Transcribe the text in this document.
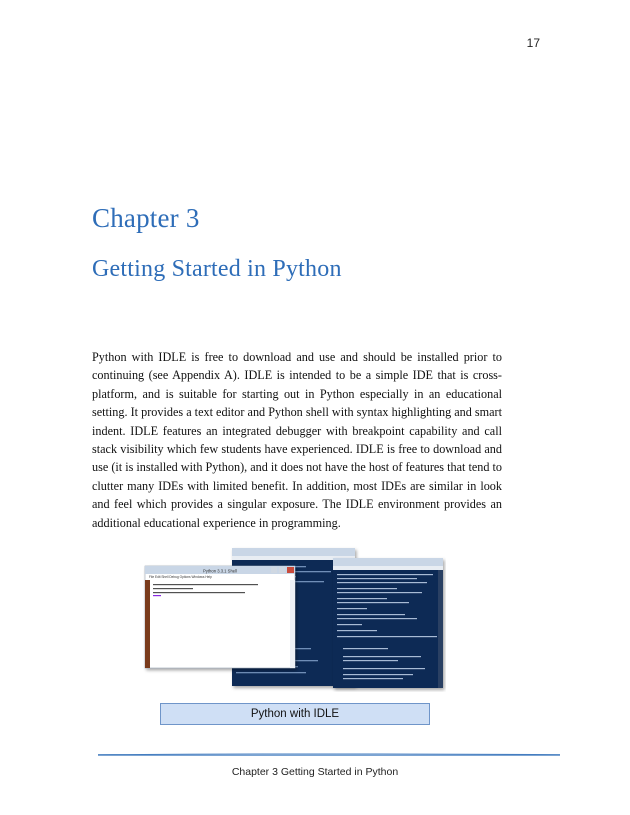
17
Chapter 3
Getting Started in Python

Python with IDLE is free to download and use and should be installed prior to continuing (see Appendix A). IDLE is intended to be a simple IDE that is cross-platform, and is suitable for starting out in Python especially in an educational setting. It provides a text editor and Python shell with syntax highlighting and smart indent. IDLE features an integrated debugger with breakpoint capability and call stack visibility which few students have experienced. IDLE is free to download and use (it is installed with Python), and it does not have the host of features that tend to clutter many IDEs with limited benefit. In addition, most IDEs are similar in look and feel which provides a singular exposure. The IDLE environment provides an additional educational experience in programming.

Python 3.3.1 Shell
File Edit Shell Debug Options Windows Help
Python with IDLE
Chapter 3 Getting Started in Python
